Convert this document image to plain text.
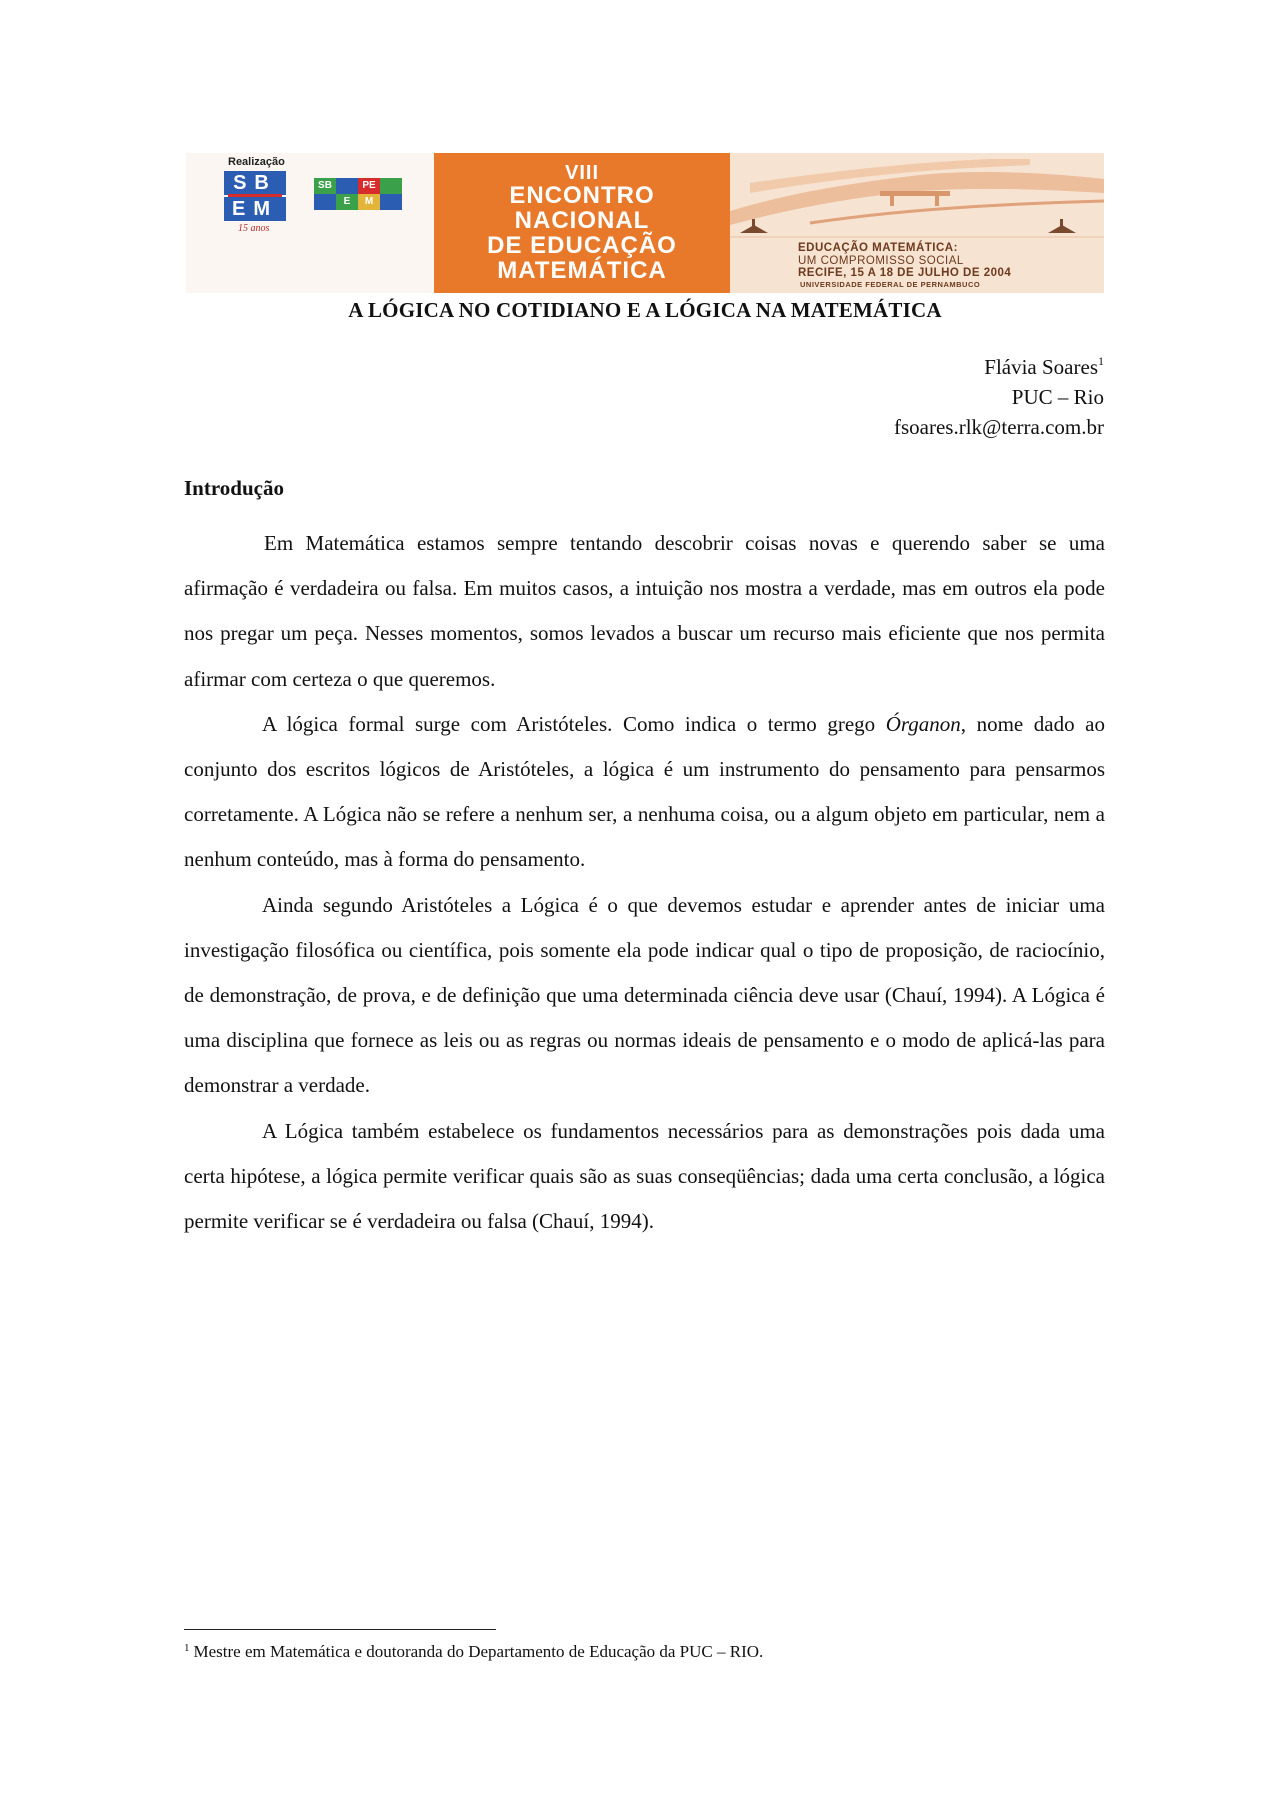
Realização
SB
EM
15 anos
SB	PE
E	M
VIII
ENCONTRO
NACIONAL
DE EDUCAÇÃO
MATEMÁTICA
EDUCAÇÃO MATEMÁTICA:
UM COMPROMISSO SOCIAL
RECIFE, 15 A 18 DE JULHO DE 2004
UNIVERSIDADE FEDERAL DE PERNAMBUCO
A LÓGICA NO COTIDIANO E A LÓGICA NA MATEMÁTICA
Flávia Soares$^1$
PUC – Rio
fsoares.rlk@terra.com.br
Introdução

Em Matemática estamos sempre tentando descobrir coisas novas e querendo saber se uma afirmação é verdadeira ou falsa. Em muitos casos, a intuição nos mostra a verdade, mas em outros ela pode nos pregar um peça. Nesses momentos, somos levados a buscar um recurso mais eficiente que nos permita afirmar com certeza o que queremos.

A lógica formal surge com Aristóteles. Como indica o termo grego Órganon, nome dado ao conjunto dos escritos lógicos de Aristóteles, a lógica é um instrumento do pensamento para pensarmos corretamente. A Lógica não se refere a nenhum ser, a nenhuma coisa, ou a algum objeto em particular, nem a nenhum conteúdo, mas à forma do pensamento.

Ainda segundo Aristóteles a Lógica é o que devemos estudar e aprender antes de iniciar uma investigação filosófica ou científica, pois somente ela pode indicar qual o tipo de proposição, de raciocínio, de demonstração, de prova, e de definição que uma determinada ciência deve usar (Chauí, 1994). A Lógica é uma disciplina que fornece as leis ou as regras ou normas ideais de pensamento e o modo de aplicá-las para demonstrar a verdade.

A Lógica também estabelece os fundamentos necessários para as demonstrações pois dada uma certa hipótese, a lógica permite verificar quais são as suas conseqüências; dada uma certa conclusão, a lógica permite verificar se é verdadeira ou falsa (Chauí, 1994).

$^1$ Mestre em Matemática e doutoranda do Departamento de Educação da PUC – RIO.
